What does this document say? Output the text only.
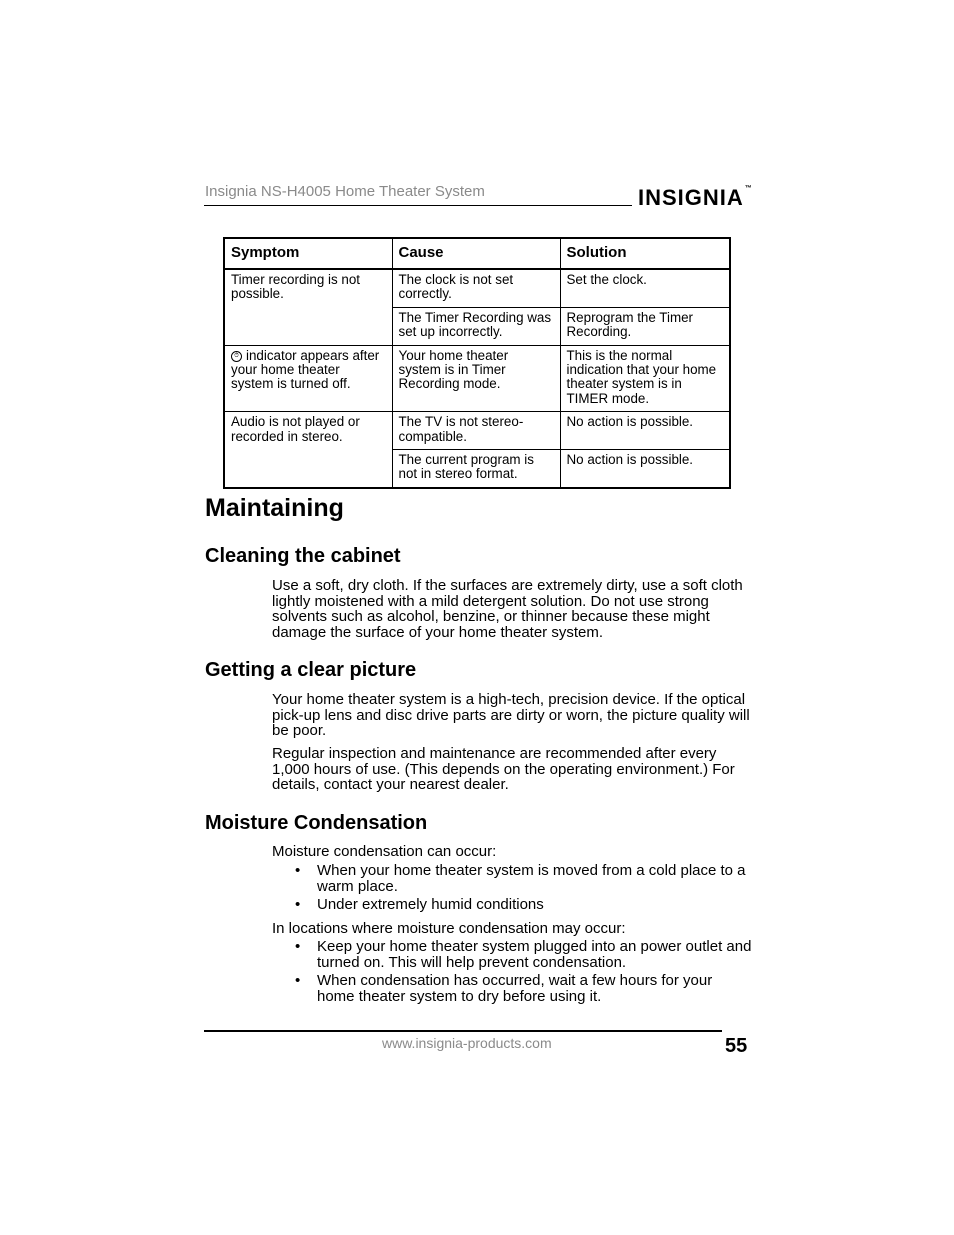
Insignia NS-H4005 Home Theater System	INSIGNIA™
Symptom	Cause	Solution
Timer recording is not possible.	The clock is not set correctly.	Set the clock.
	The Timer Recording was set up incorrectly.	Reprogram the Timer Recording.
⏱ indicator appears after your home theater system is turned off.	Your home theater system is in Timer Recording mode.	This is the normal indication that your home theater system is in TIMER mode.
Audio is not played or recorded in stereo.	The TV is not stereo-compatible.	No action is possible.
	The current program is not in stereo format.	No action is possible.
Maintaining
Cleaning the cabinet

Use a soft, dry cloth. If the surfaces are extremely dirty, use a soft cloth lightly moistened with a mild detergent solution. Do not use strong solvents such as alcohol, benzine, or thinner because these might damage the surface of your home theater system.

Getting a clear picture

Your home theater system is a high-tech, precision device. If the optical pick-up lens and disc drive parts are dirty or worn, the picture quality will be poor.

Regular inspection and maintenance are recommended after every 1,000 hours of use. (This depends on the operating environment.) For details, contact your nearest dealer.

Moisture Condensation

Moisture condensation can occur:

• When your home theater system is moved from a cold place to a warm place.
• Under extremely humid conditions

In locations where moisture condensation may occur:

• Keep your home theater system plugged into an power outlet and turned on. This will help prevent condensation.
• When condensation has occurred, wait a few hours for your home theater system to dry before using it.
www.insignia-products.com	55
